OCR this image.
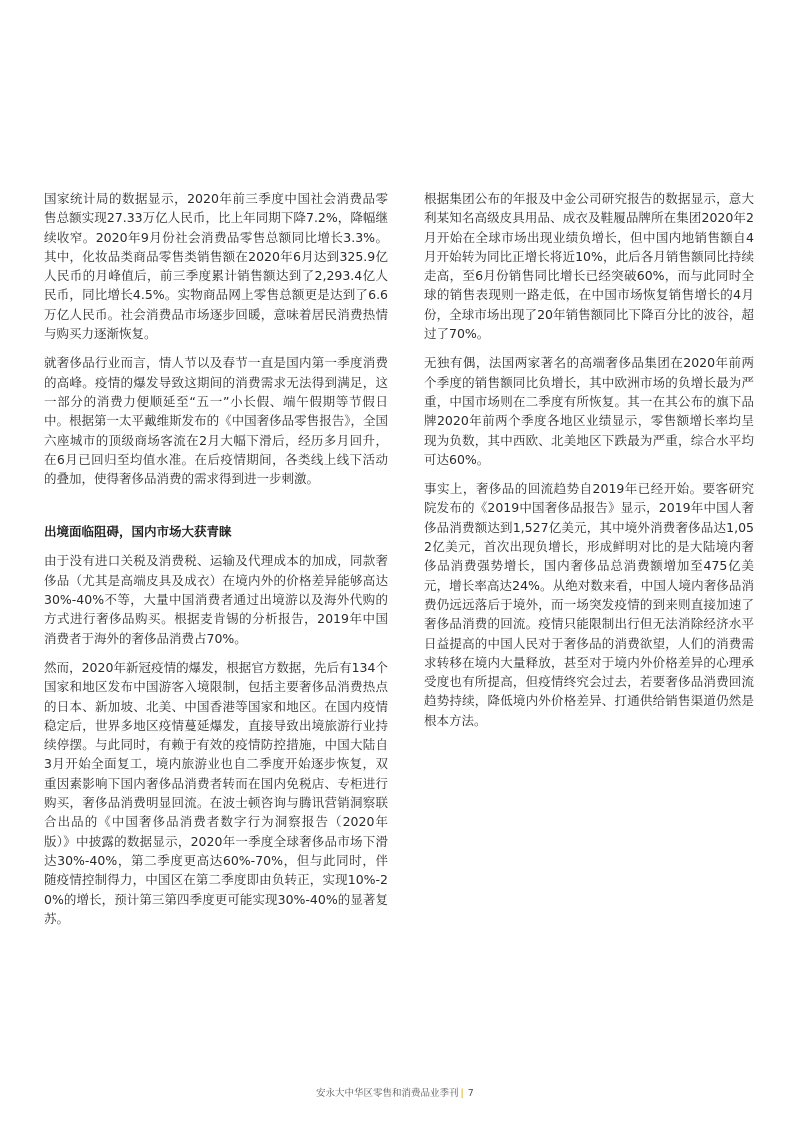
国家统计局的数据显示，2020年前三季度中国社会消费品零售总额实现27.33万亿人民币，比上年同期下降7.2%，降幅继续收窄。2020年9月份社会消费品零售总额同比增长3.3%。其中，化妆品类商品零售类销售额在2020年6月达到325.9亿人民币的月峰值后，前三季度累计销售额达到了2,293.4亿人民币，同比增长4.5%。实物商品网上零售总额更是达到了6.6万亿人民币。社会消费品市场逐步回暖，意味着居民消费热情与购买力逐渐恢复。

就奢侈品行业而言，情人节以及春节一直是国内第一季度消费的高峰。疫情的爆发导致这期间的消费需求无法得到满足，这一部分的消费力便顺延至“五一”小长假、端午假期等节假日中。根据第一太平戴维斯发布的《中国奢侈品零售报告》，全国六座城市的顶级商场客流在2月大幅下滑后，经历多月回升，在6月已回归至均值水准。在后疫情期间，各类线上线下活动的叠加，使得奢侈品消费的需求得到进一步刺激。

出境面临阻碍，国内市场大获青睐

由于没有进口关税及消费税、运输及代理成本的加成，同款奢侈品（尤其是高端皮具及成衣）在境内外的价格差异能够高达30%-40%不等，大量中国消费者通过出境游以及海外代购的方式进行奢侈品购买。根据麦肯锡的分析报告，2019年中国消费者于海外的奢侈品消费占70%。

然而，2020年新冠疫情的爆发，根据官方数据，先后有134个国家和地区发布中国游客入境限制，包括主要奢侈品消费热点的日本、新加坡、北美、中国香港等国家和地区。在国内疫情稳定后，世界多地区疫情蔓延爆发，直接导致出境旅游行业持续停摆。与此同时，有赖于有效的疫情防控措施，中国大陆自3月开始全面复工，境内旅游业也自二季度开始逐步恢复，双重因素影响下国内奢侈品消费者转而在国内免税店、专柜进行购买，奢侈品消费明显回流。在波士顿咨询与腾讯营销洞察联合出品的《中国奢侈品消费者数字行为洞察报告（2020年版）》中披露的数据显示，2020年一季度全球奢侈品市场下滑达30%-40%，第二季度更高达60%-70%，但与此同时，伴随疫情控制得力，中国区在第二季度即由负转正，实现10%-20%的增长，预计第三第四季度更可能实现30%-40%的显著复苏。

根据集团公布的年报及中金公司研究报告的数据显示，意大利某知名高级皮具用品、成衣及鞋履品牌所在集团2020年2月开始在全球市场出现业绩负增长，但中国内地销售额自4月开始转为同比正增长将近10%，此后各月销售额同比持续走高，至6月份销售同比增长已经突破60%，而与此同时全球的销售表现则一路走低，在中国市场恢复销售增长的4月份，全球市场出现了20年销售额同比下降百分比的波谷，超过了70%。

无独有偶，法国两家著名的高端奢侈品集团在2020年前两个季度的销售额同比负增长，其中欧洲市场的负增长最为严重，中国市场则在二季度有所恢复。其一在其公布的旗下品牌2020年前两个季度各地区业绩显示，零售额增长率均呈现为负数，其中西欧、北美地区下跌最为严重，综合水平均可达60%。

事实上，奢侈品的回流趋势自2019年已经开始。要客研究院发布的《2019中国奢侈品报告》显示，2019年中国人奢侈品消费额达到1,527亿美元，其中境外消费奢侈品达1,052亿美元，首次出现负增长，形成鲜明对比的是大陆境内奢侈品消费强势增长，国内奢侈品总消费额增加至475亿美元，增长率高达24%。从绝对数来看，中国人境内奢侈品消费仍远远落后于境外，而一场突发疫情的到来则直接加速了奢侈品消费的回流。疫情只能限制出行但无法消除经济水平日益提高的中国人民对于奢侈品的消费欲望，人们的消费需求转移在境内大量释放，甚至对于境内外价格差异的心理承受度也有所提高，但疫情终究会过去，若要奢侈品消费回流趋势持续，降低境内外价格差异、打通供给销售渠道仍然是根本方法。

安永大中华区零售和消费品业季刊 | 7
